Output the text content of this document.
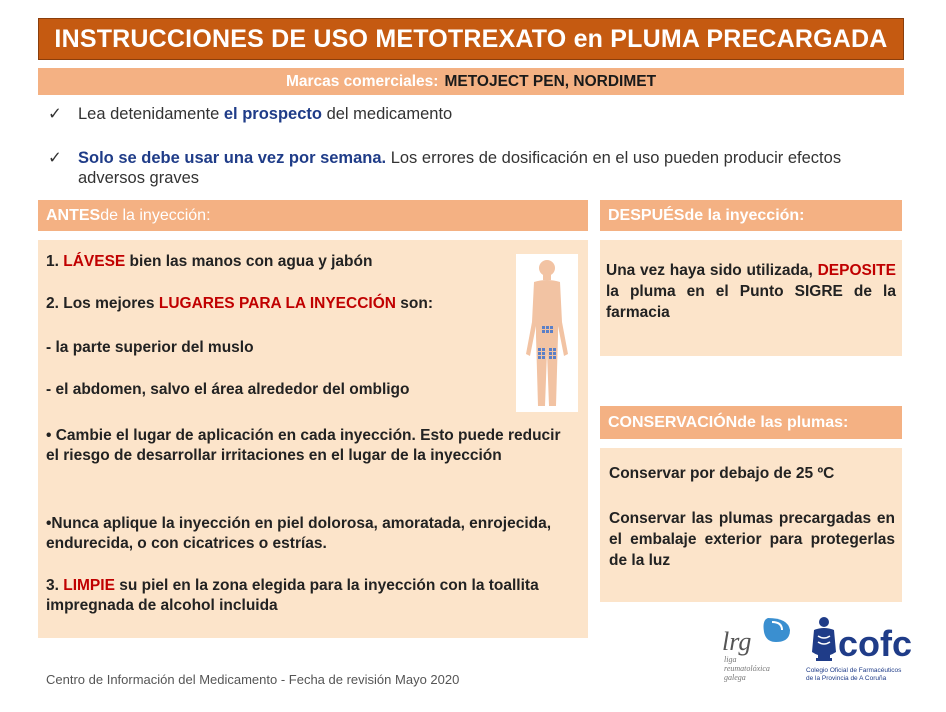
INSTRUCCIONES DE USO METOTREXATO en PLUMA PRECARGADA
Marcas comerciales: METOJECT PEN, NORDIMET
✓ Lea detenidamente el prospecto del medicamento
✓ Solo se debe usar una vez por semana. Los errores de dosificación en el uso pueden producir efectos adversos graves
ANTES de la inyección:
1. LÁVESE bien las manos con agua y jabón
2. Los mejores LUGARES PARA LA INYECCIÓN son:
- la parte superior del muslo
- el abdomen, salvo el área alrededor del ombligo
• Cambie el lugar de aplicación en cada inyección. Esto puede reducir el riesgo de desarrollar irritaciones en el lugar de la inyección
•Nunca aplique la inyección en piel dolorosa, amoratada, enrojecida, endurecida, o con cicatrices o estrías.
3. LIMPIE su piel en la zona elegida para la inyección con la toallita impregnada de alcohol incluida
DESPUÉS de la inyección:
Una vez haya sido utilizada, DEPOSITE la pluma en el Punto SIGRE de la farmacia
CONSERVACIÓN de las plumas:
Conservar por debajo de 25 ºC
Conservar las plumas precargadas en el embalaje exterior para protegerlas de la luz
Centro de Información del Medicamento - Fecha de revisión Mayo 2020
lrg
liga
reumatolóxica
galega
cofc
Colegio Oficial de Farmacéuticos
de la Provincia de A Coruña
